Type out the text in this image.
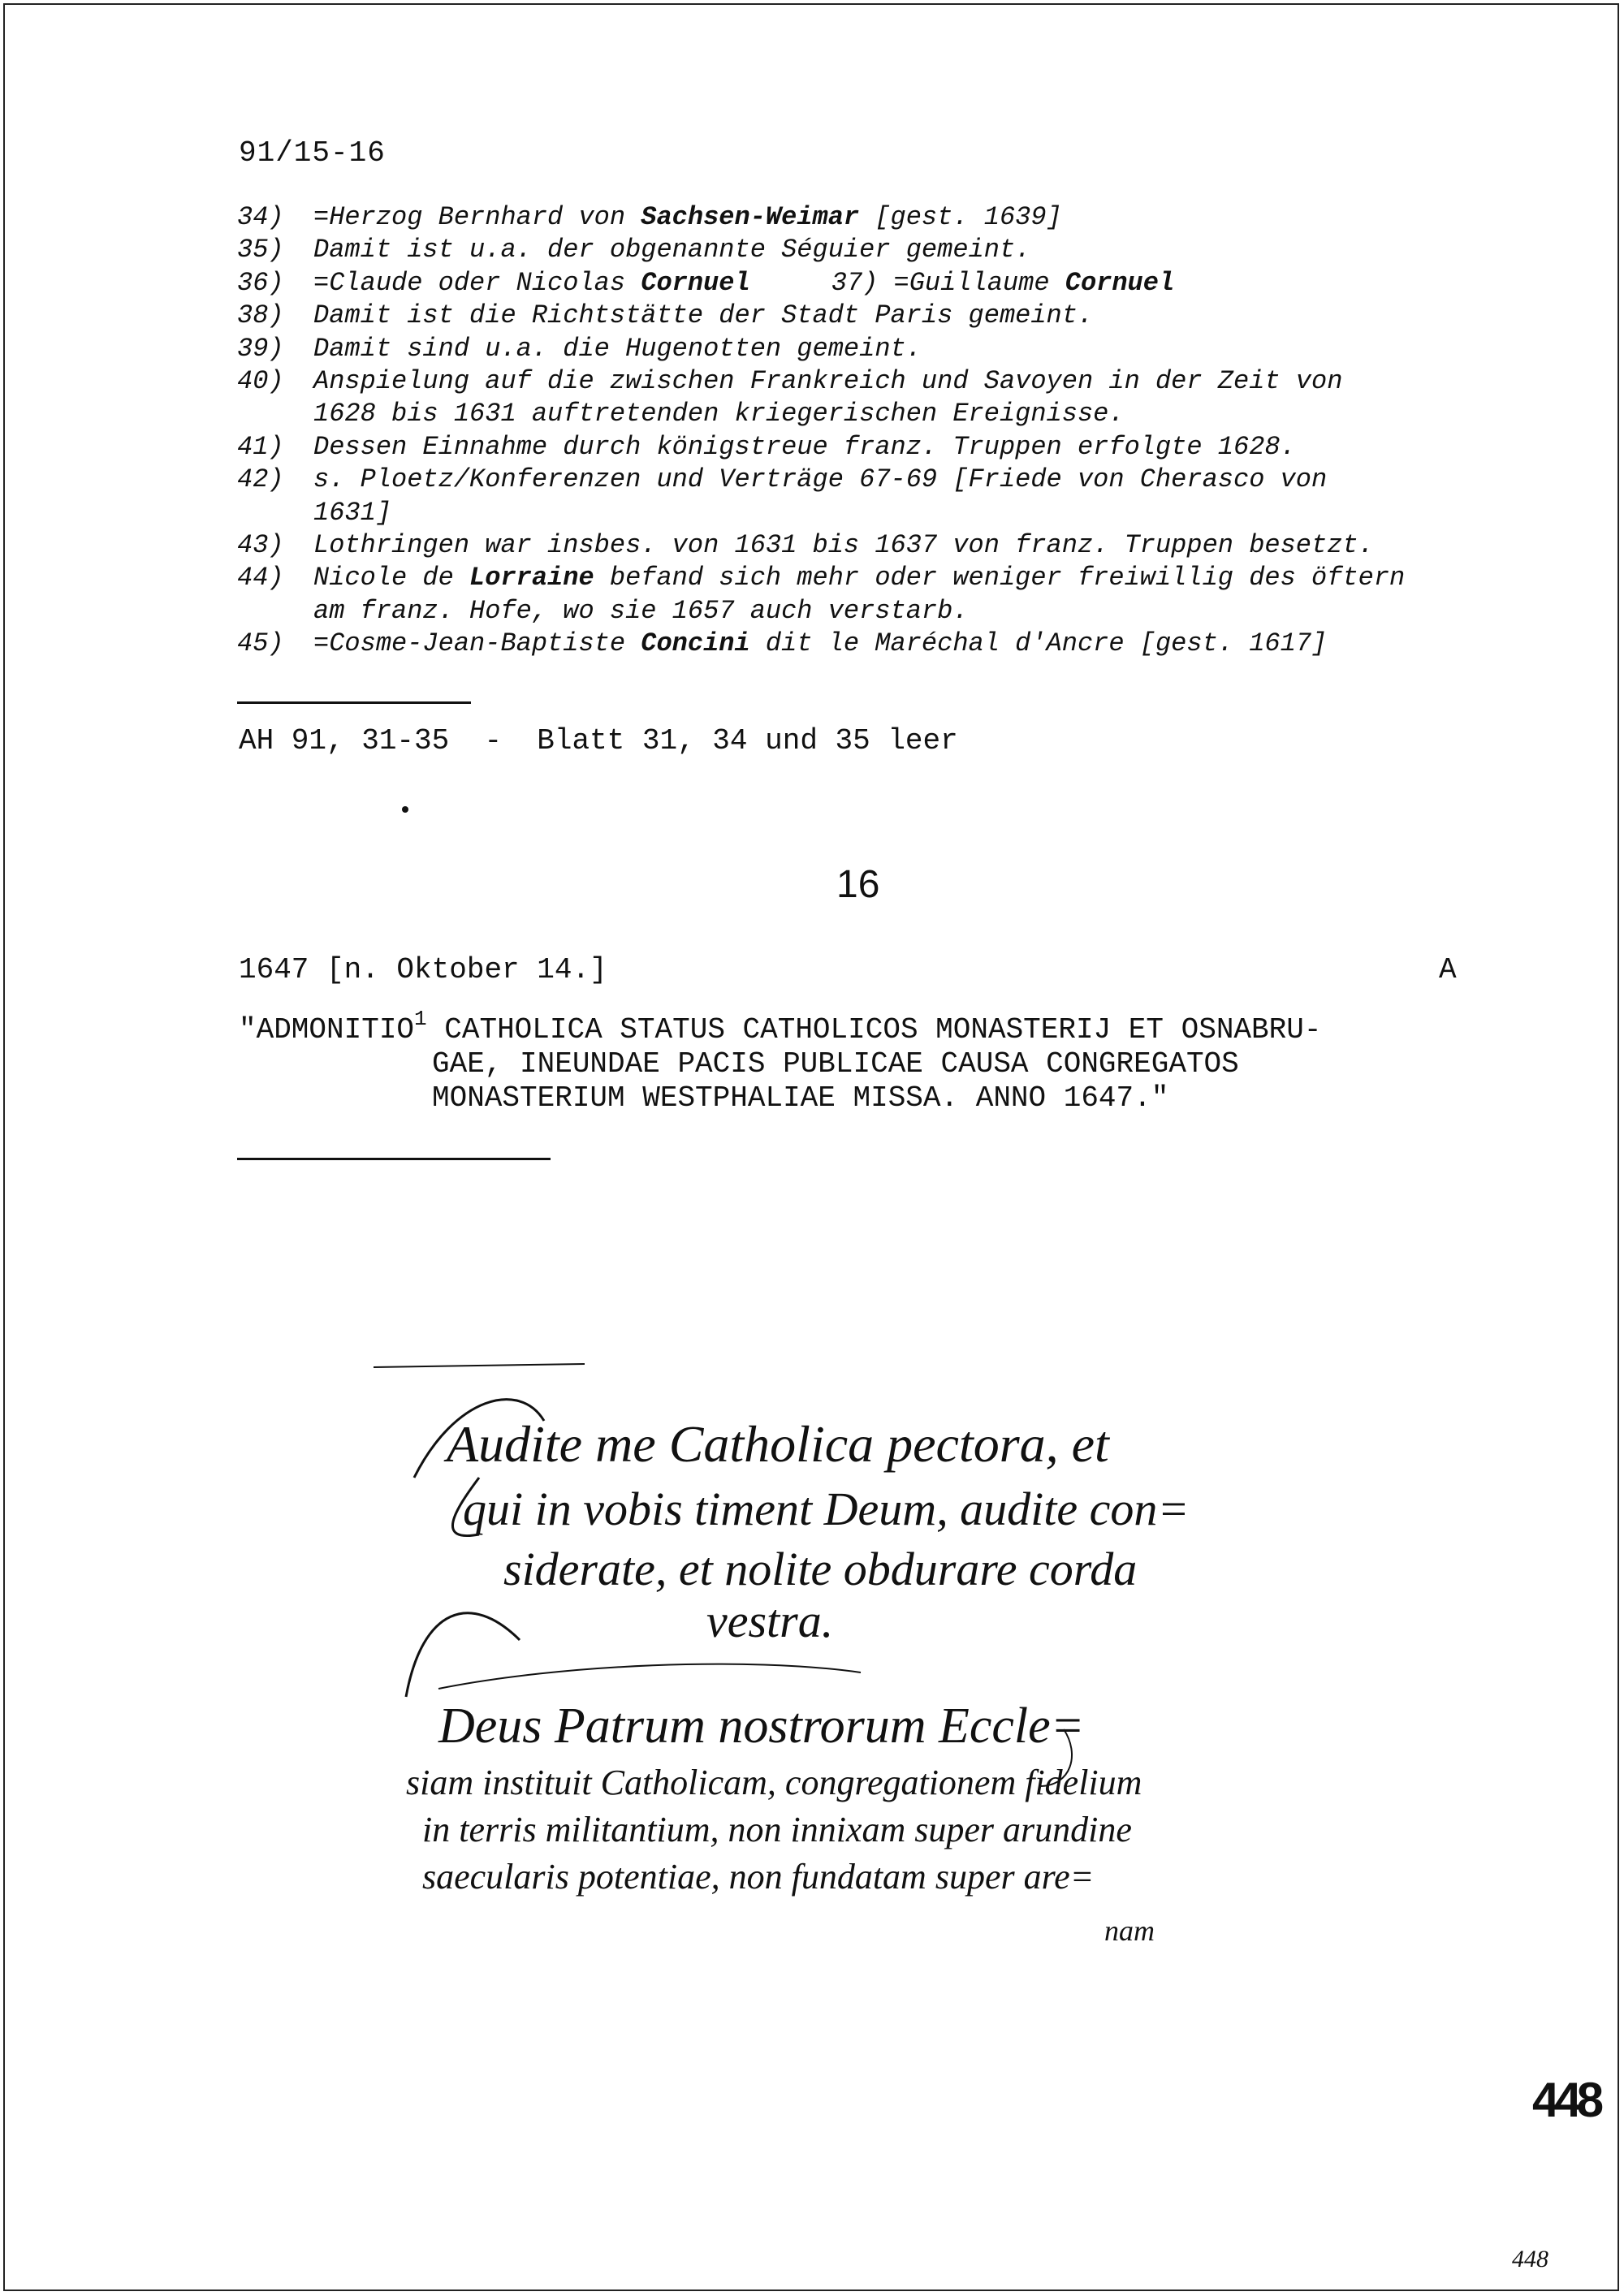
91/15-16
34)	=Herzog Bernhard von Sachsen-Weimar [gest. 1639]
35)	Damit ist u.a. der obgenannte Séguier gemeint.
36)	=Claude oder Nicolas Cornuel	37) =Guillaume Cornuel
38)	Damit ist die Richtstätte der Stadt Paris gemeint.
39)	Damit sind u.a. die Hugenotten gemeint.
40)	Anspielung auf die zwischen Frankreich und Savoyen in der Zeit von
1628 bis 1631 auftretenden kriegerischen Ereignisse.
41)	Dessen Einnahme durch königstreue franz. Truppen erfolgte 1628.
42)	s. Ploetz/Konferenzen und Verträge 67-69 [Friede von Cherasco von
1631]
43)	Lothringen war insbes. von 1631 bis 1637 von franz. Truppen besetzt.
44)	Nicole de Lorraine befand sich mehr oder weniger freiwillig des öftern
am franz. Hofe, wo sie 1657 auch verstarb.
45)	=Cosme-Jean-Baptiste Concini dit le Maréchal d'Ancre [gest. 1617]
AH 91, 31-35  -  Blatt 31, 34 und 35 leer
16
1647 [n. Oktober 14.]	A
"ADMONITIO$^1$ CATHOLICA STATUS CATHOLICOS MONASTERIJ ET OSNABRU-
GAE, INEUNDAE PACIS PUBLICAE CAUSA CONGREGATOS
MONASTERIUM WESTPHALIAE MISSA. ANNO 1647."
Audite me Catholica pectora, et
qui in vobis timent Deum, audite con=
siderate, et nolite obdurare corda
vestra.
Deus Patrum nostrorum Eccle=
siam instituit Catholicam, congregationem fidelium
in terris militantium, non innixam super arundine
saecularis potentiae, non fundatam super are=
nam
448
448
